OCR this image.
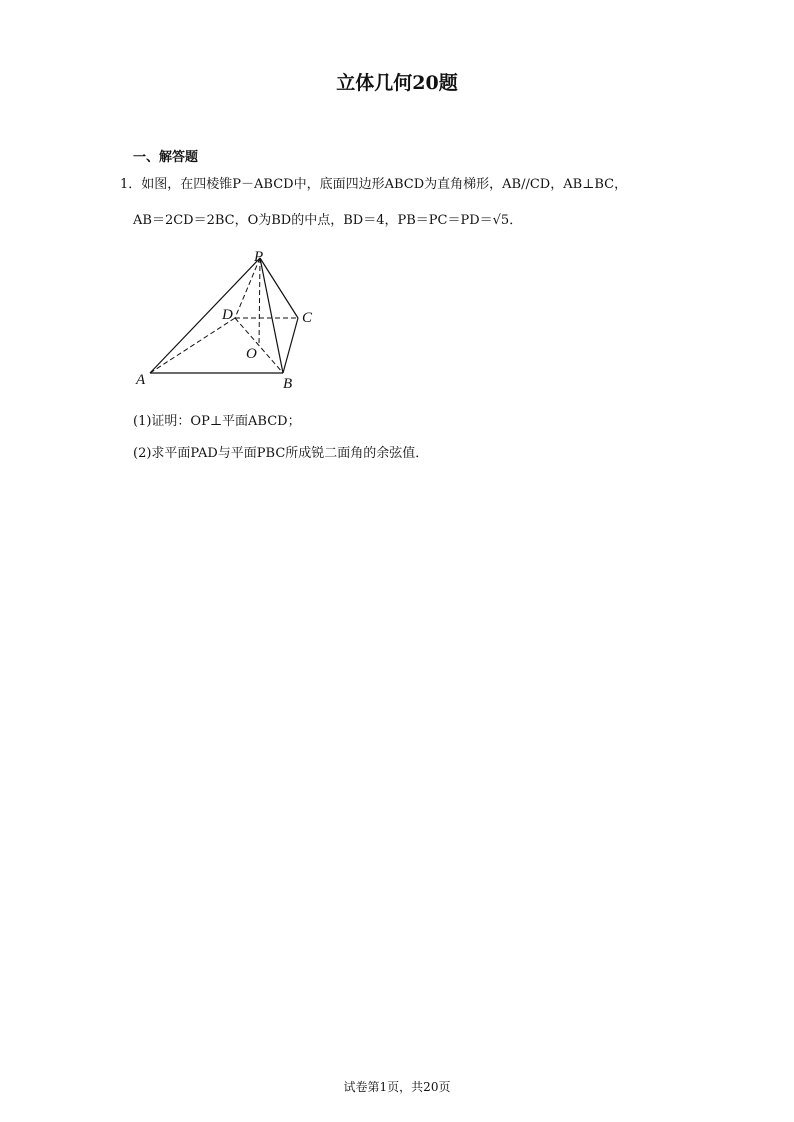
立体几何20题
一、解答题
1．如图，在四棱锥P－ABCD中，底面四边形ABCD为直角梯形，AB//CD，AB⊥BC，
AB＝2CD＝2BC，O为BD的中点，BD＝4，PB＝PC＝PD＝√5．
P
D	C
O
A	B
(1)证明：OP⊥平面ABCD；
(2)求平面PAD与平面PBC所成锐二面角的余弦值．
试卷第1页，共20页
